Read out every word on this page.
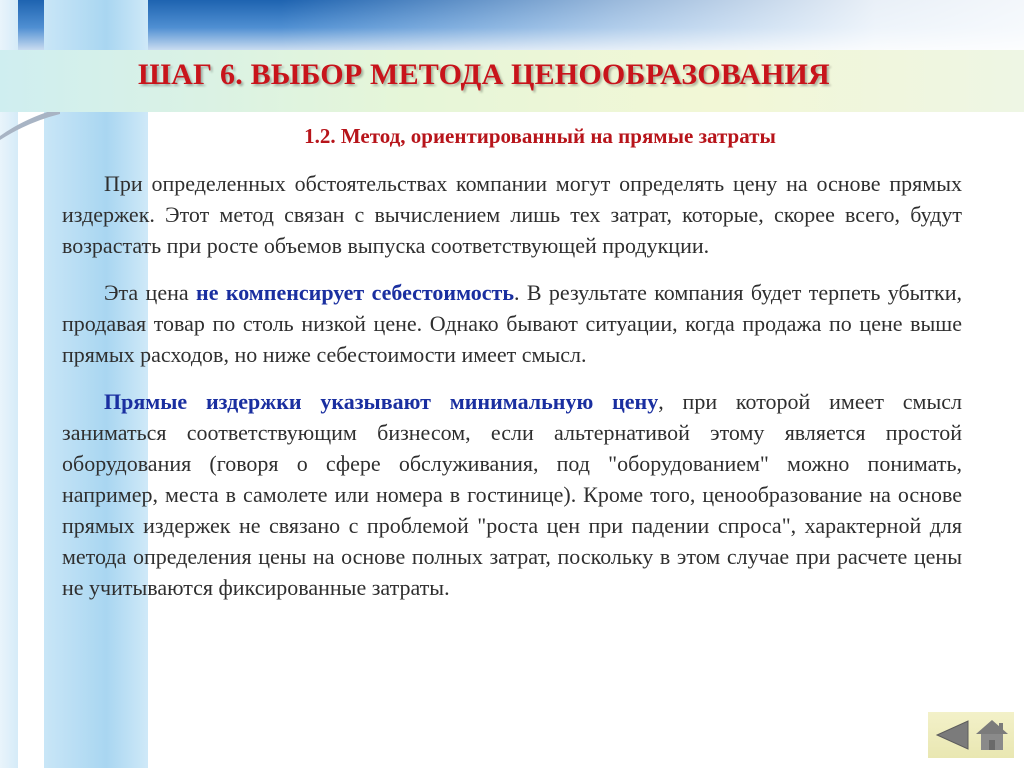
ШАГ 6. ВЫБОР МЕТОДА ЦЕНООБРАЗОВАНИЯ
1.2. Метод, ориентированный на прямые затраты

При определенных обстоятельствах компании могут определять цену на основе прямых издержек. Этот метод связан с вычислением лишь тех затрат, которые, скорее всего, будут возрастать при росте объемов выпуска соответствующей продукции.

Эта цена не компенсирует себестоимость. В результате компания будет терпеть убытки, продавая товар по столь низкой цене. Однако бывают ситуации, когда продажа по цене выше прямых расходов, но ниже себестоимости имеет смысл.

Прямые издержки указывают минимальную цену, при которой имеет смысл заниматься соответствующим бизнесом, если альтернативой этому является простой оборудования (говоря о сфере обслуживания, под "оборудованием" можно понимать, например, места в самолете или номера в гостинице). Кроме того, ценообразование на основе прямых издержек не связано с проблемой "роста цен при падении спроса", характерной для метода определения цены на основе полных затрат, поскольку в этом случае при расчете цены не учитываются фиксированные затраты.
